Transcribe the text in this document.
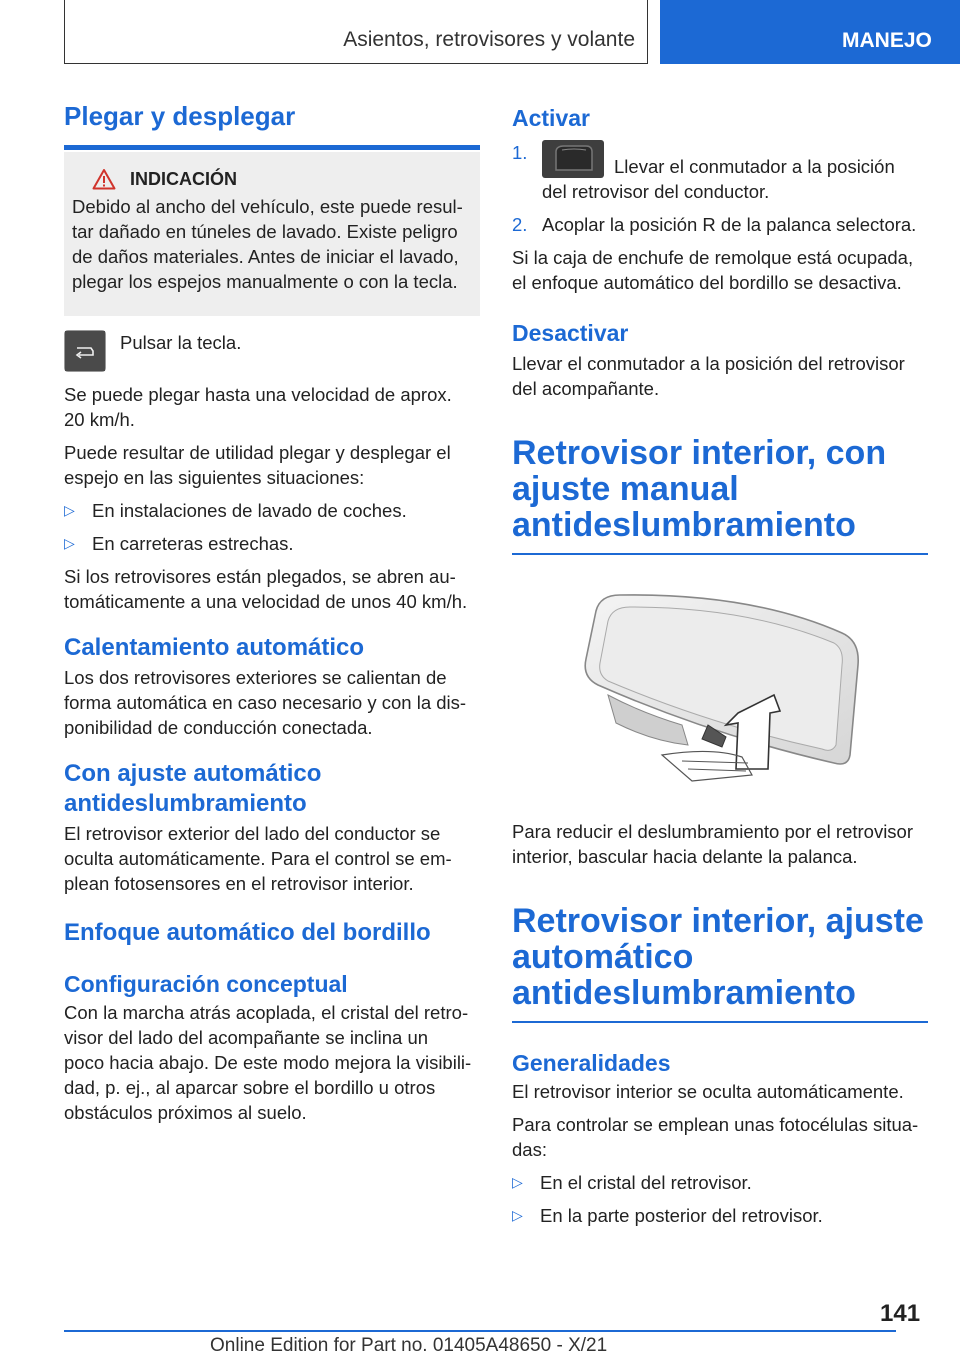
Asientos, retrovisores y volante	MANEJO
Plegar y desplegar
INDICACIÓN

Debido al ancho del vehículo, este puede resul-

tar dañado en túneles de lavado. Existe peligro

de daños materiales. Antes de iniciar el lavado,

plegar los espejos manualmente o con la tecla.

Pulsar la tecla.

Se puede plegar hasta una velocidad de aprox.

20 km/h.

Puede resultar de utilidad plegar y desplegar el

espejo en las siguientes situaciones:

▷ En instalaciones de lavado de coches.

▷ En carreteras estrechas.

Si los retrovisores están plegados, se abren au-

tomáticamente a una velocidad de unos 40 km/h.

Calentamiento automático

Los dos retrovisores exteriores se calientan de

forma automática en caso necesario y con la dis-

ponibilidad de conducción conectada.

Con ajuste automático
antideslumbramiento

El retrovisor exterior del lado del conductor se

oculta automáticamente. Para el control se em-

plean fotosensores en el retrovisor interior.

Enfoque automático del bordillo
Configuración conceptual

Con la marcha atrás acoplada, el cristal del retro-

visor del lado del acompañante se inclina un

poco hacia abajo. De este modo mejora la visibili-

dad, p. ej., al aparcar sobre el bordillo u otros

obstáculos próximos al suelo.

Activar
1.

Llevar el conmutador a la posición

del retrovisor del conductor.

2. Acoplar la posición R de la palanca selectora.

Si la caja de enchufe de remolque está ocupada,

el enfoque automático del bordillo se desactiva.

Desactivar

Llevar el conmutador a la posición del retrovisor

del acompañante.

Retrovisor interior, con
ajuste manual
antideslumbramiento

Para reducir el deslumbramiento por el retrovisor

interior, bascular hacia delante la palanca.

Retrovisor interior, ajuste
automático
antideslumbramiento
Generalidades

El retrovisor interior se oculta automáticamente.

Para controlar se emplean unas fotocélulas situa-

das:

▷ En el cristal del retrovisor.

▷ En la parte posterior del retrovisor.

141
Online Edition for Part no. 01405A48650 - X/21
